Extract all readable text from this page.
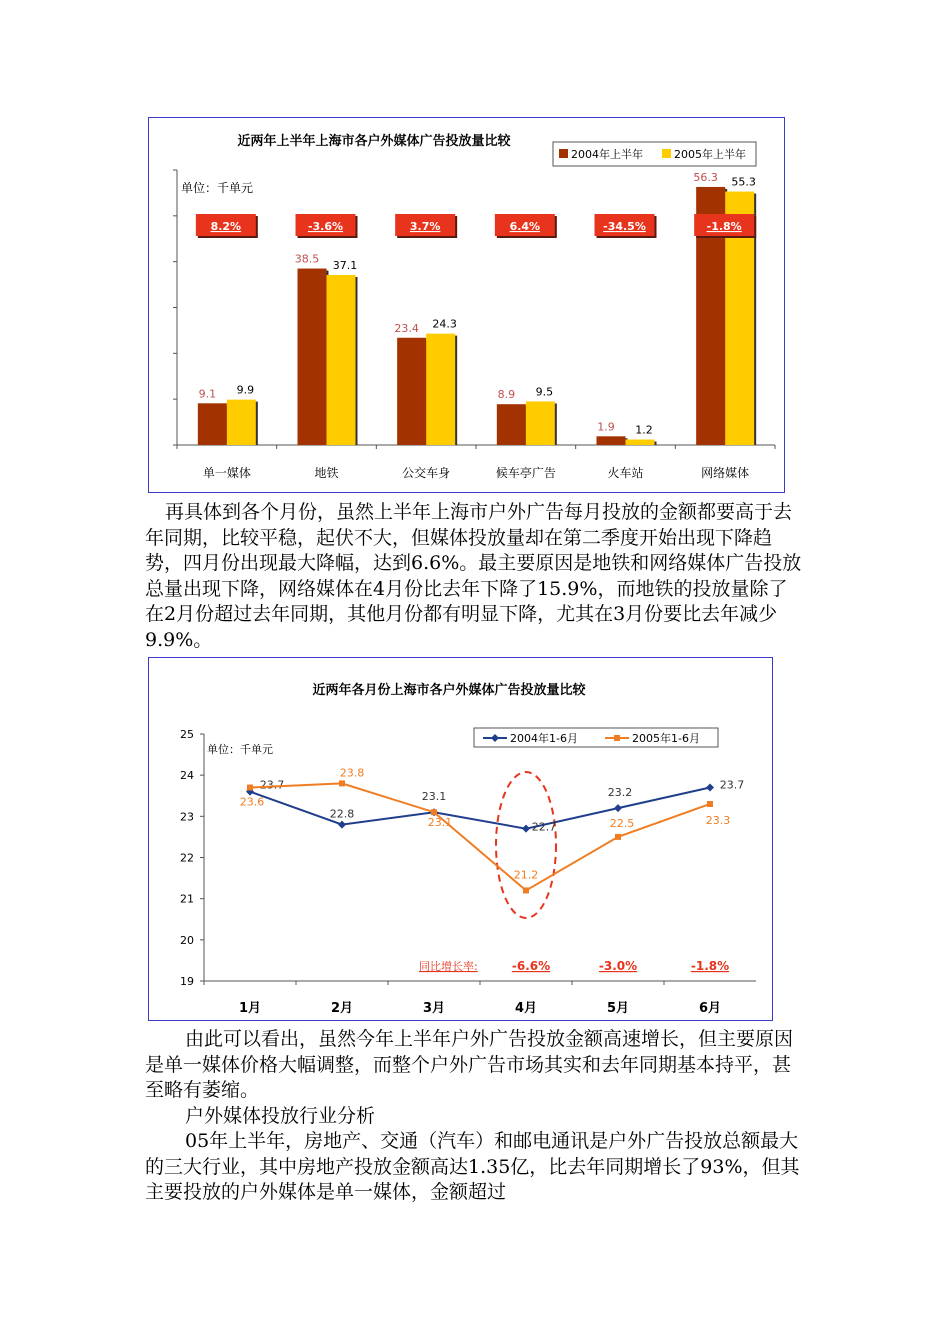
近两年上半年上海市各户外媒体广告投放量比较
单位：千单元
2004年上半年	2005年上半年
9.1 9.9
8.2%
单一媒体
38.5 37.1
-3.6%
地铁
23.4 24.3
3.7%
公交车身
8.9 9.5
6.4%
候车亭广告
1.9 1.2
-34.5%
火车站
56.3 55.3
-1.8%
网络媒体

再具体到各个月份，虽然上半年上海市户外广告每月投放的金额都要高于去年同期，比较平稳，起伏不大，但媒体投放量却在第二季度开始出现下降趋势，四月份出现最大降幅，达到6.6%。最主要原因是地铁和网络媒体广告投放总量出现下降，网络媒体在4月份比去年下降了15.9%，而地铁的投放量除了在2月份超过去年同期，其他月份都有明显下降，尤其在3月份要比去年减少9.9%。

近两年各月份上海市各户外媒体广告投放量比较
单位：千单元
19
20
21
22
23
24
25
1月	2月	3月	4月	5月	6月
2004年1-6月	2005年1-6月
23.7
22.8
23.1
22.7
23.2
23.7
23.6
23.8
23.1
21.2
22.5	23.3
同比增长率:	-6.6%	-3.0%	-1.8%

由此可以看出，虽然今年上半年户外广告投放金额高速增长，但主要原因是单一媒体价格大幅调整，而整个户外广告市场其实和去年同期基本持平，甚至略有萎缩。

户外媒体投放行业分析

05年上半年，房地产、交通（汽车）和邮电通讯是户外广告投放总额最大的三大行业，其中房地产投放金额高达1.35亿，比去年同期增长了93%，但其主要投放的户外媒体是单一媒体，金额超过
